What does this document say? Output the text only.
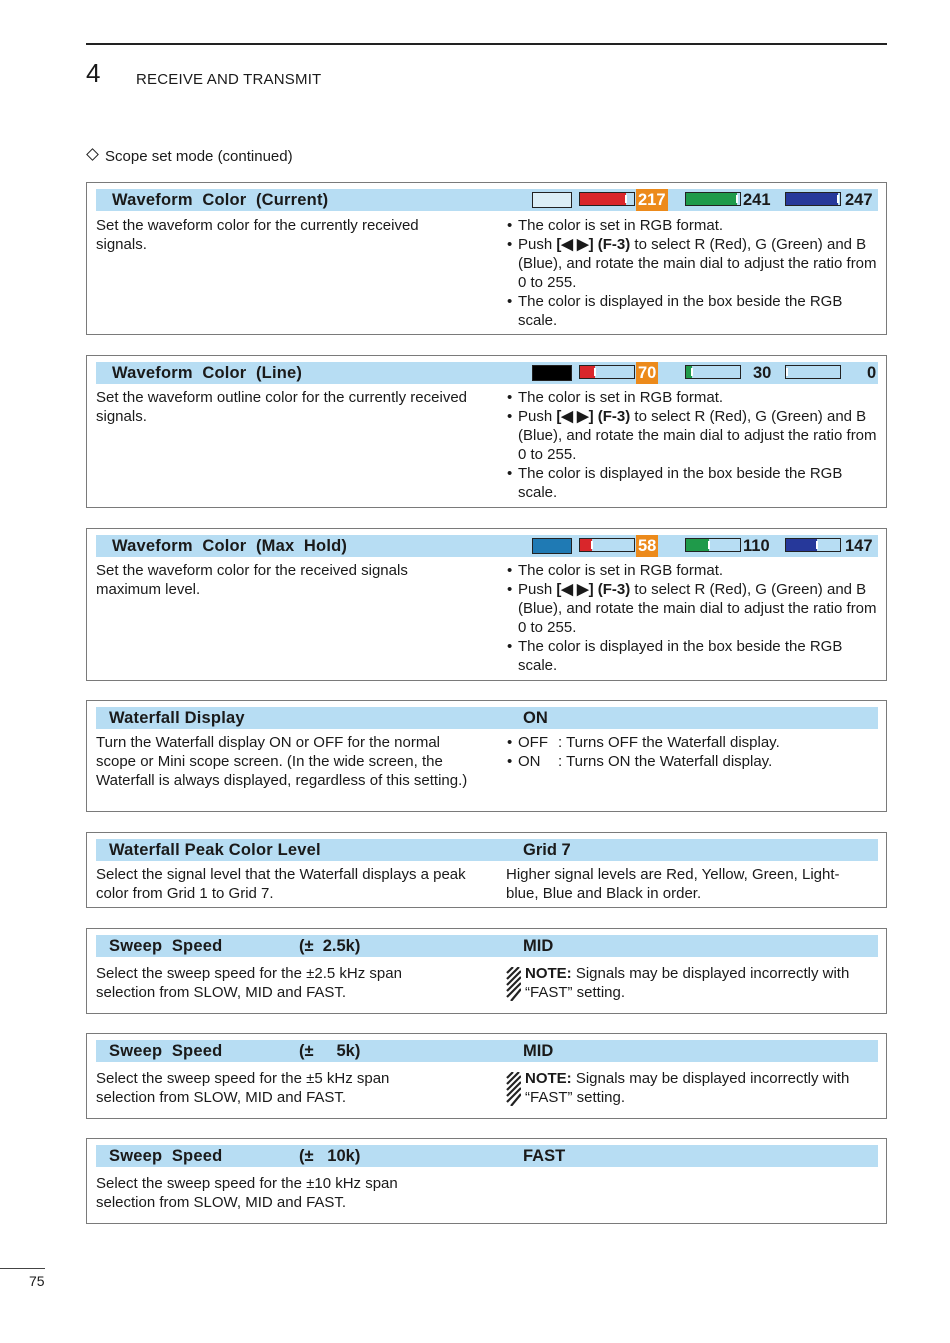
4 RECEIVE AND TRANSMIT
Scope set mode (continued)
Waveform  Color  (Current)	217	241	247
Set the waveform color for the currently received signals.
• The color is set in RGB format.
• Push [◀ ▶] (F-3) to select R (Red), G (Green) and B (Blue), and rotate the main dial to adjust the ratio from 0 to 255.
• The color is displayed in the box beside the RGB scale.
Waveform  Color  (Line)	70	30	0
Set the waveform outline color for the currently received signals.
• The color is set in RGB format.
• Push [◀ ▶] (F-3) to select R (Red), G (Green) and B (Blue), and rotate the main dial to adjust the ratio from 0 to 255.
• The color is displayed in the box beside the RGB scale.
Waveform  Color  (Max  Hold)	58	110	147
Set the waveform color for the received signals maximum level.
• The color is set in RGB format.
• Push [◀ ▶] (F-3) to select R (Red), G (Green) and B (Blue), and rotate the main dial to adjust the ratio from 0 to 255.
• The color is displayed in the box beside the RGB scale.
Waterfall Display	ON
Turn the Waterfall display ON or OFF for the normal scope or Mini scope screen. (In the wide screen, the Waterfall is always displayed, regardless of this setting.)
• OFF : Turns OFF the Waterfall display.
• ON : Turns ON the Waterfall display.
Waterfall Peak Color Level	Grid 7
Select the signal level that the Waterfall displays a peak color from Grid 1 to Grid 7.
Higher signal levels are Red, Yellow, Green, Light-blue, Blue and Black in order.
Sweep  Speed	(±  2.5k)	MID
Select the sweep speed for the ±2.5 kHz span selection from SLOW, MID and FAST.
NOTE: Signals may be displayed incorrectly with “FAST” setting.
Sweep  Speed	(±     5k)	MID
Select the sweep speed for the ±5 kHz span selection from SLOW, MID and FAST.
NOTE: Signals may be displayed incorrectly with “FAST” setting.
Sweep  Speed	(±   10k)	FAST
Select the sweep speed for the ±10 kHz span selection from SLOW, MID and FAST.
75
